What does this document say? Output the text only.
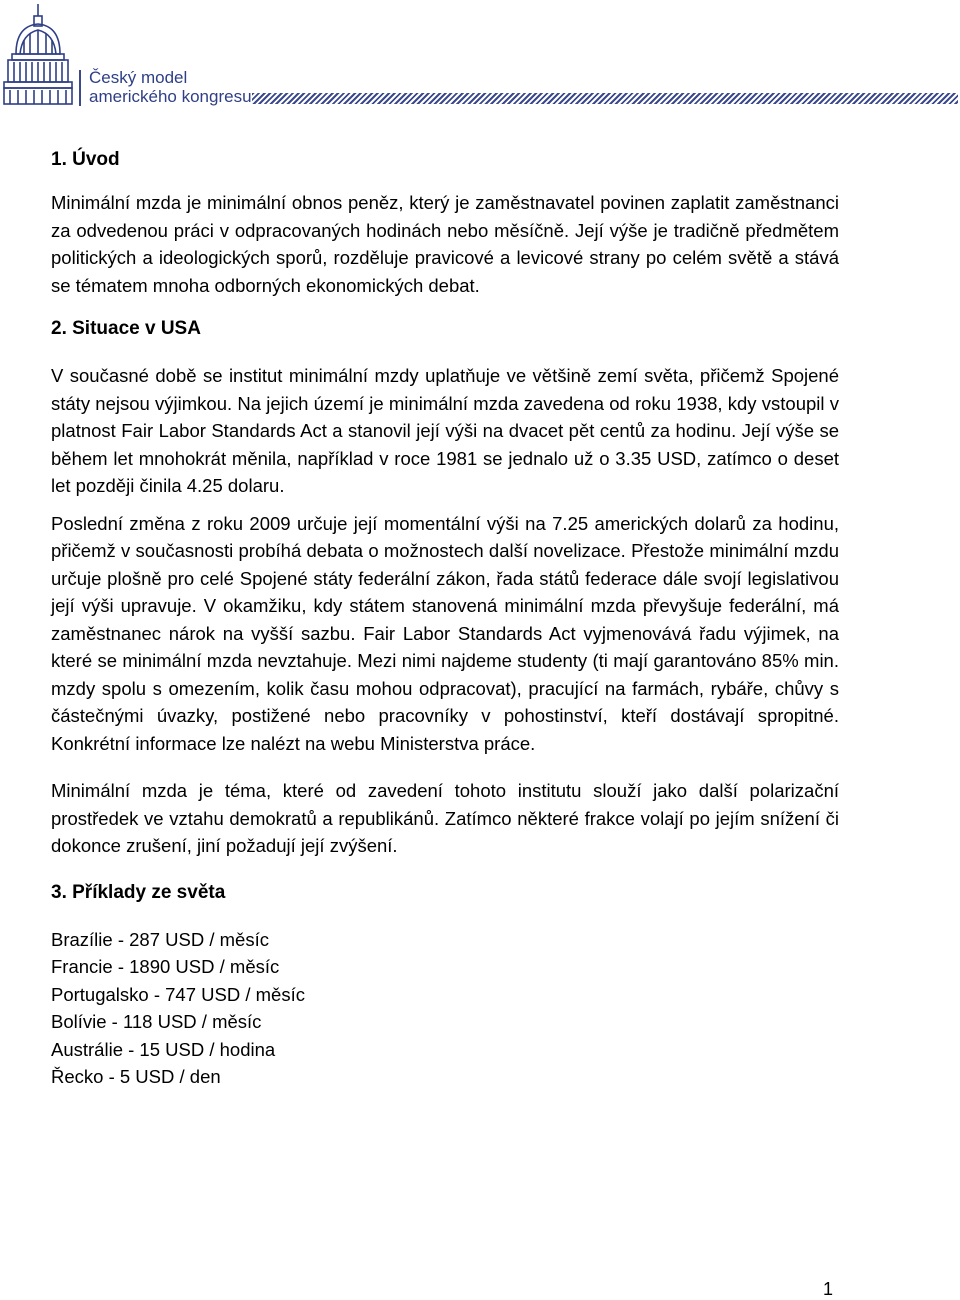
Český model
amerického kongresu
1. Úvod

Minimální mzda je minimální obnos peněz, který je zaměstnavatel povinen zaplatit zaměstnanci za odvedenou práci v odpracovaných hodinách nebo měsíčně. Její výše je tradičně předmětem politických a ideologických sporů, rozděluje pravicové a levicové strany po celém světě a stává se tématem mnoha odborných ekonomických debat.

2. Situace v USA

V současné době se institut minimální mzdy uplatňuje ve většině zemí světa, přičemž Spojené státy nejsou výjimkou. Na jejich území je minimální mzda zavedena od roku 1938, kdy vstoupil v platnost Fair Labor Standards Act a stanovil její výši na dvacet pět centů za hodinu. Její výše se během let mnohokrát měnila, například v roce 1981 se jednalo už o 3.35 USD, zatímco o deset let později činila 4.25 dolaru.

Poslední změna z roku 2009 určuje její momentální výši na 7.25 amerických dolarů za hodinu, přičemž v současnosti probíhá debata o možnostech další novelizace. Přestože minimální mzdu určuje plošně pro celé Spojené státy federální zákon, řada států federace dále svojí legislativou její výši upravuje. V okamžiku, kdy státem stanovená minimální mzda převyšuje federální, má zaměstnanec nárok na vyšší sazbu. Fair Labor Standards Act vyjmenovává řadu výjimek, na které se minimální mzda nevztahuje. Mezi nimi najdeme studenty (ti mají garantováno 85% min. mzdy spolu s omezením, kolik času mohou odpracovat), pracující na farmách, rybáře, chůvy s částečnými úvazky, postižené nebo pracovníky v pohostinství, kteří dostávají spropitné. Konkrétní informace lze nalézt na webu Ministerstva práce.

Minimální mzda je téma, které od zavedení tohoto institutu slouží jako další polarizační prostředek ve vztahu demokratů a republikánů. Zatímco některé frakce volají po jejím snížení či dokonce zrušení, jiní požadují její zvýšení.

3. Příklady ze světa
Brazílie - 287 USD / měsíc
Francie - 1890 USD / měsíc
Portugalsko - 747 USD / měsíc
Bolívie - 118 USD / měsíc
Austrálie - 15 USD / hodina
Řecko - 5 USD / den
1
